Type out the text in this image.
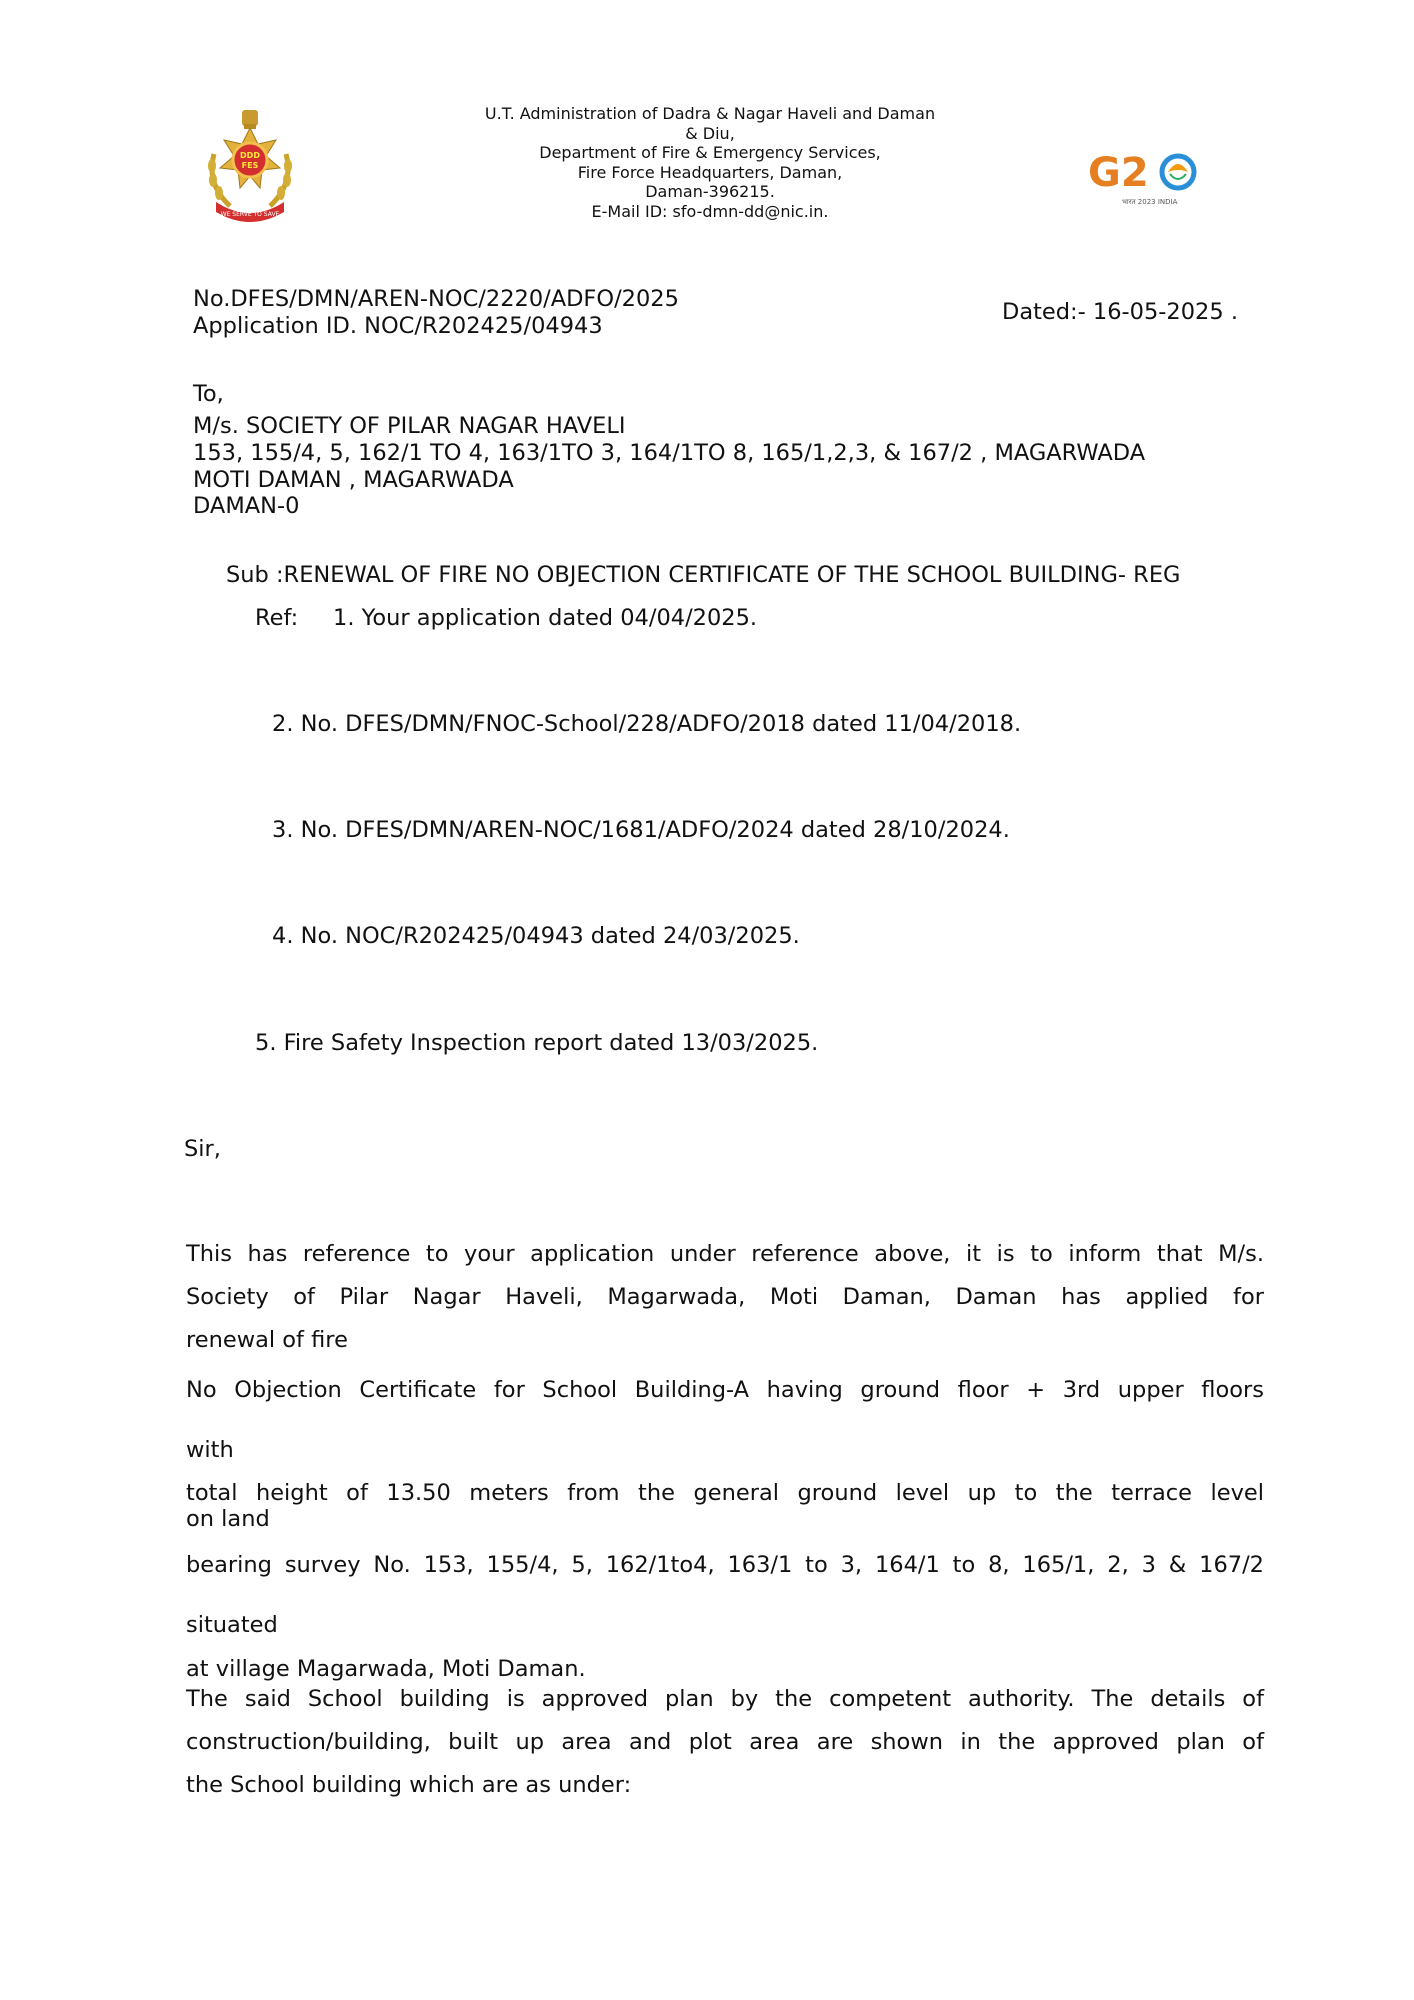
DDD
FES
WE SERVE TO SAVE
U.T. Administration of Dadra & Nagar Haveli and Daman
& Diu,
Department of Fire & Emergency Services,
Fire Force Headquarters, Daman,
Daman-396215.
E-Mail ID: sfo-dmn-dd@nic.in.
G2
भारत 2023 INDIA
No.DFES/DMN/AREN-NOC/2220/ADFO/2025
Application ID. NOC/R202425/04943
Dated:- 16-05-2025 .
To,
M/s. SOCIETY OF PILAR NAGAR HAVELI
153, 155/4, 5, 162/1 TO 4, 163/1TO 3, 164/1TO 8, 165/1,2,3, & 167/2 , MAGARWADA
MOTI DAMAN , MAGARWADA
DAMAN-0
Sub :RENEWAL OF FIRE NO OBJECTION CERTIFICATE OF THE SCHOOL BUILDING- REG
Ref: 1. Your application dated 04/04/2025.
2. No. DFES/DMN/FNOC-School/228/ADFO/2018 dated 11/04/2018.
3. No. DFES/DMN/AREN-NOC/1681/ADFO/2024 dated 28/10/2024.
4. No. NOC/R202425/04943 dated 24/03/2025.
5. Fire Safety Inspection report dated 13/03/2025.
Sir,
This has reference to your application under reference above, it is to inform that M/s.
Society of Pilar Nagar Haveli, Magarwada, Moti Daman, Daman has applied for
renewal of fire
No Objection Certificate for School Building-A having ground floor + 3rd upper floors
with
total height of 13.50 meters from the general ground level up to the terrace level
on land
bearing survey No. 153, 155/4, 5, 162/1to4, 163/1 to 3, 164/1 to 8, 165/1, 2, 3 & 167/2
situated
at village Magarwada, Moti Daman.
The said School building is approved plan by the competent authority. The details of
construction/building, built up area and plot area are shown in the approved plan of
the School building which are as under:
